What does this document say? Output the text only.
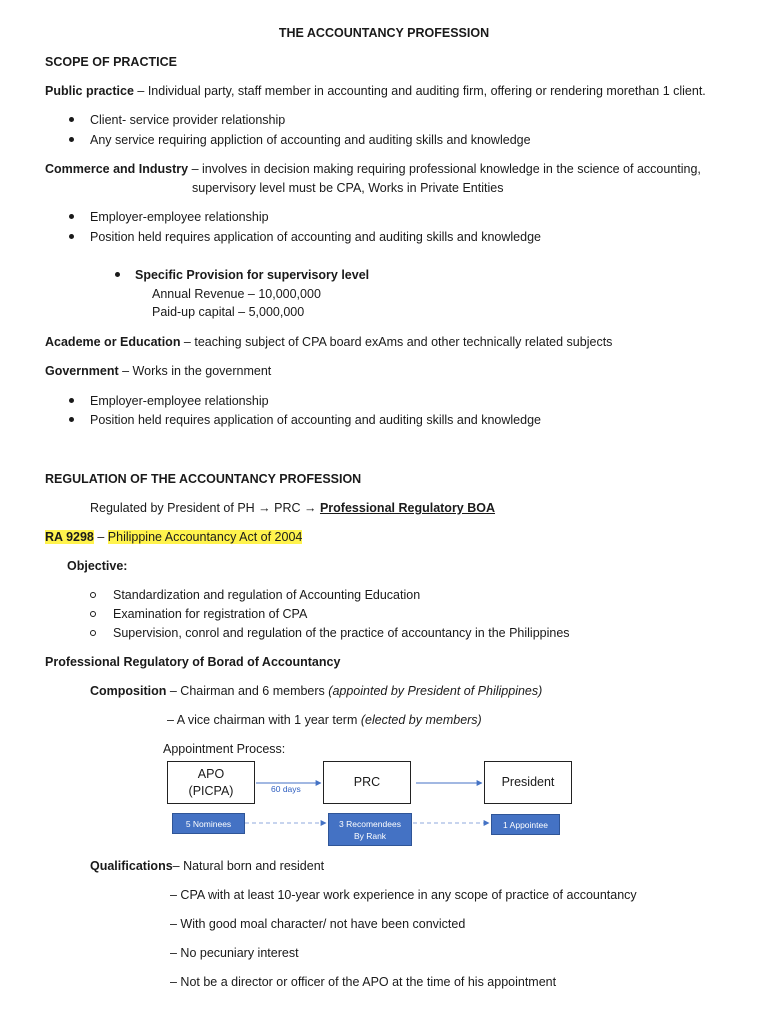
THE ACCOUNTANCY PROFESSION
SCOPE OF PRACTICE
Public practice – Individual party, staff member in accounting and auditing firm, offering or rendering morethan 1 client.
Client- service provider relationship
Any service requiring appliction of accounting and auditing skills and knowledge
Commerce and Industry – involves in decision making requiring professional knowledge in the science of accounting,
supervisory level must be CPA, Works in Private Entities
Employer-employee relationship
Position held requires application of accounting and auditing skills and knowledge
Specific Provision for supervisory level
Annual Revenue – 10,000,000
Paid-up capital – 5,000,000
Academe or Education – teaching subject of CPA board exAms and other technically related subjects
Government – Works in the government
Employer-employee relationship
Position held requires application of accounting and auditing skills and knowledge
REGULATION OF THE ACCOUNTANCY PROFESSION
Regulated by President of PH → PRC → Professional Regulatory BOA
RA 9298 – Philippine Accountancy Act of 2004
Objective:
Standardization and regulation of Accounting Education
Examination for registration of CPA
Supervision, conrol and regulation of the practice of accountancy in the Philippines
Professional Regulatory of Borad of Accountancy
Composition – Chairman and 6 members (appointed by President of Philippines)
– A vice chairman with 1 year term (elected by members)
Appointment Process:
APO
(PICPA)	60 days	PRC	President
5 Nominees	3 Recomendees
By Rank
1 Appointee
Qualifications– Natural born and resident
– CPA with at least 10-year work experience in any scope of practice of accountancy
– With good moal character/ not have been convicted
– No pecuniary interest
– Not be a director or officer of the APO at the time of his appointment
